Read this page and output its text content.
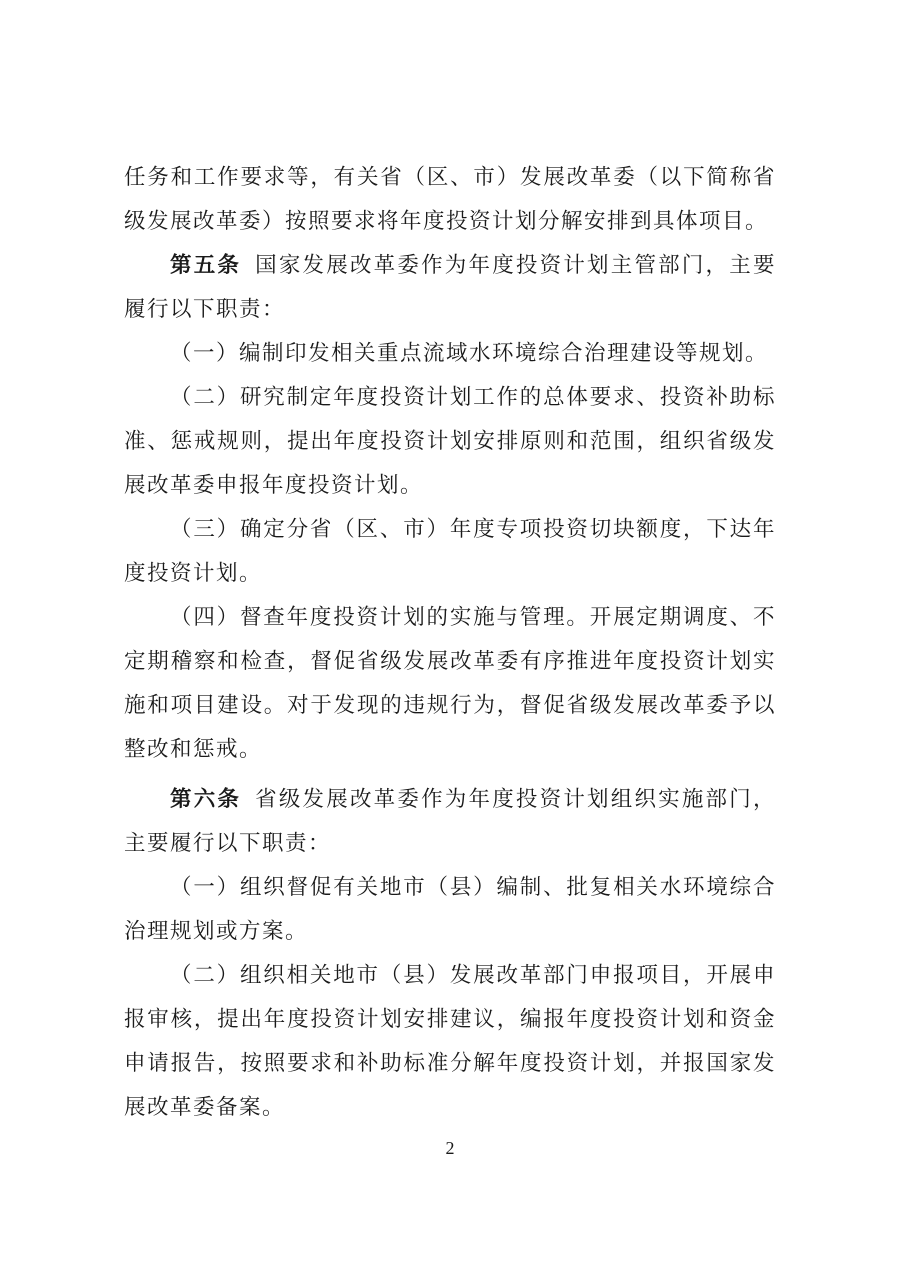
任务和工作要求等，有关省（区、市）发展改革委（以下简称省级发展改革委）按照要求将年度投资计划分解安排到具体项目。

第五条 国家发展改革委作为年度投资计划主管部门，主要履行以下职责：

（一）编制印发相关重点流域水环境综合治理建设等规划。

（二）研究制定年度投资计划工作的总体要求、投资补助标准、惩戒规则，提出年度投资计划安排原则和范围，组织省级发展改革委申报年度投资计划。

（三）确定分省（区、市）年度专项投资切块额度，下达年度投资计划。

（四）督查年度投资计划的实施与管理。开展定期调度、不定期稽察和检查，督促省级发展改革委有序推进年度投资计划实施和项目建设。对于发现的违规行为，督促省级发展改革委予以整改和惩戒。

第六条 省级发展改革委作为年度投资计划组织实施部门，主要履行以下职责：

（一）组织督促有关地市（县）编制、批复相关水环境综合治理规划或方案。

（二）组织相关地市（县）发展改革部门申报项目，开展申报审核，提出年度投资计划安排建议，编报年度投资计划和资金申请报告，按照要求和补助标准分解年度投资计划，并报国家发展改革委备案。

2
